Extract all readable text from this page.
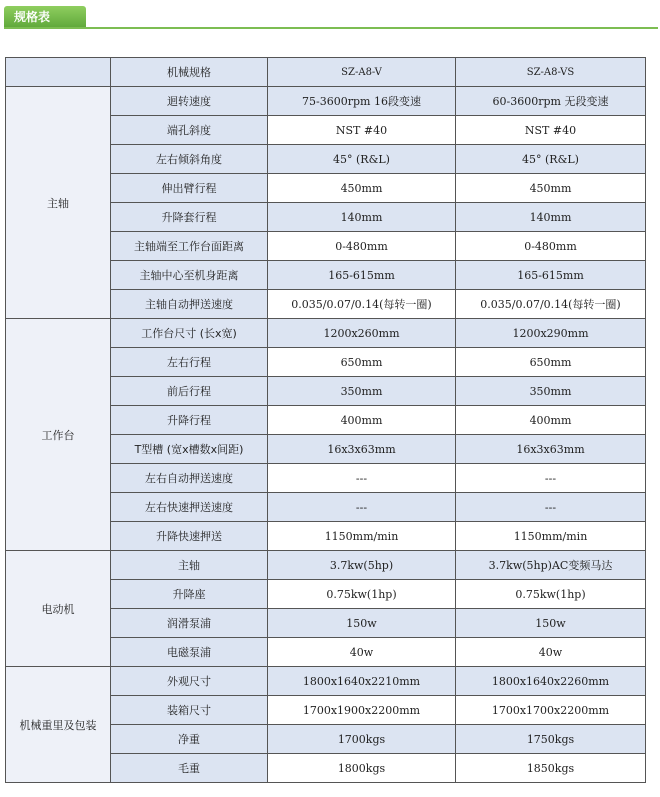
规格表
	机械规格	SZ-A8-V	SZ-A8-VS
主轴	迴转速度	75-3600rpm 16段变速	60-3600rpm 无段变速
	端孔斜度	NST #40	NST #40
	左右倾斜角度	45° (R&L)	45° (R&L)
	伸出臂行程	450mm	450mm
	升降套行程	140mm	140mm
	主轴端至工作台面距离	0-480mm	0-480mm
	主轴中心至机身距离	165-615mm	165-615mm
	主轴自动押送速度	0.035/0.07/0.14(每转一圈)	0.035/0.07/0.14(每转一圈)
工作台	工作台尺寸 (长x宽)	1200x260mm	1200x290mm
	左右行程	650mm	650mm
	前后行程	350mm	350mm
	升降行程	400mm	400mm
	T型槽 (宽x槽数x间距)	16x3x63mm	16x3x63mm
	左右自动押送速度	---	---
	左右快速押送速度	---	---
	升降快速押送	1150mm/min	1150mm/min
电动机	主轴	3.7kw(5hp)	3.7kw(5hp)AC变频马达
	升降座	0.75kw(1hp)	0.75kw(1hp)
	润滑泵浦	150w	150w
	电磁泵浦	40w	40w
机械重里及包装	外观尺寸	1800x1640x2210mm	1800x1640x2260mm
	装箱尺寸	1700x1900x2200mm	1700x1700x2200mm
	净重	1700kgs	1750kgs
	毛重	1800kgs	1850kgs
